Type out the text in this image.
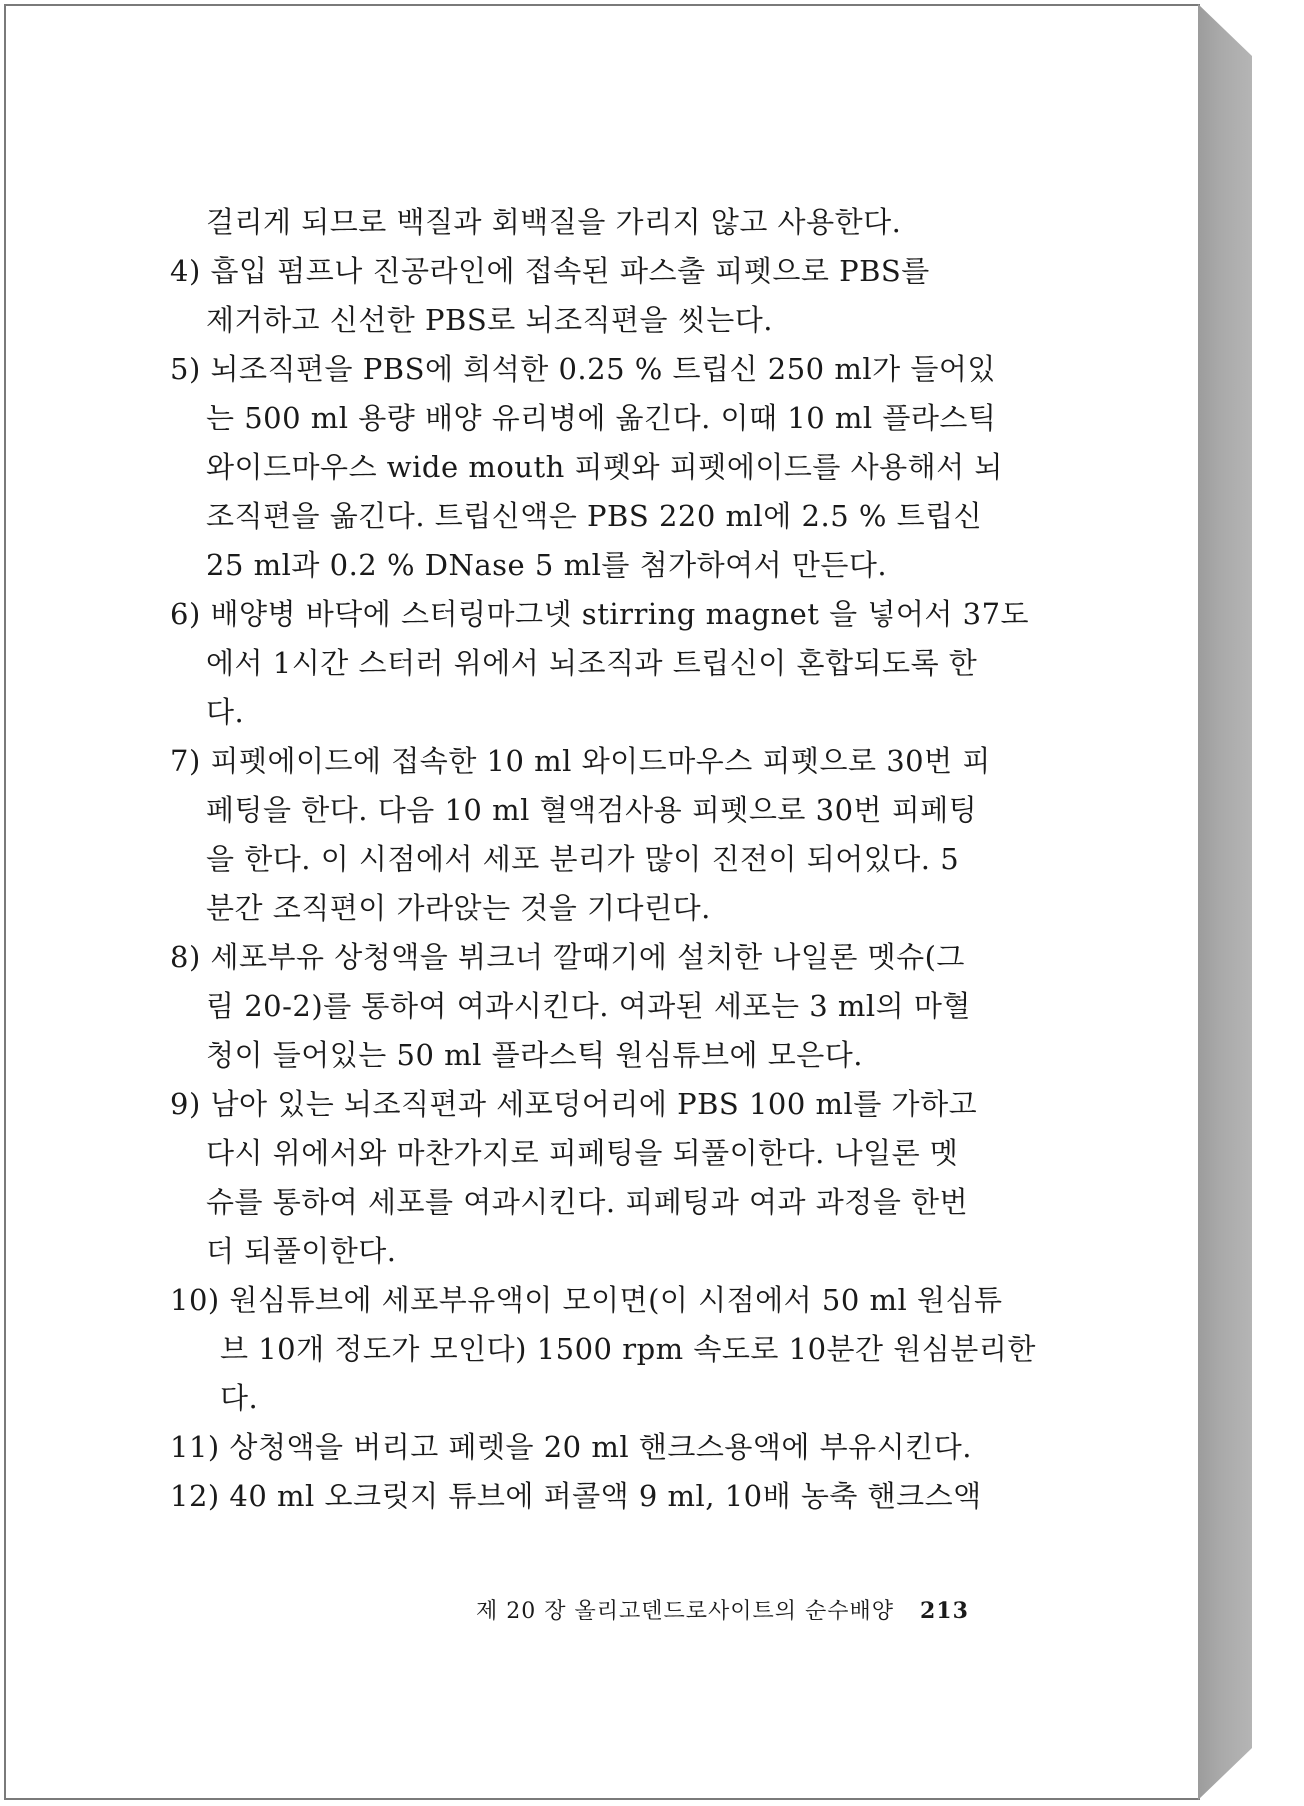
걸리게 되므로 백질과 회백질을 가리지 않고 사용한다.
4) 흡입 펌프나 진공라인에 접속된 파스출 피펫으로 PBS를
제거하고 신선한 PBS로 뇌조직편을 씻는다.
5) 뇌조직편을 PBS에 희석한 0.25 % 트립신 250 ml가 들어있
는 500 ml 용량 배양 유리병에 옮긴다. 이때 10 ml 플라스틱
와이드마우스 wide mouth 피펫와 피펫에이드를 사용해서 뇌
조직편을 옮긴다. 트립신액은 PBS 220 ml에 2.5 % 트립신
25 ml과 0.2 % DNase 5 ml를 첨가하여서 만든다.
6) 배양병 바닥에 스터링마그넷 stirring magnet 을 넣어서 37도
에서 1시간 스터러 위에서 뇌조직과 트립신이 혼합되도록 한
다.
7) 피펫에이드에 접속한 10 ml 와이드마우스 피펫으로 30번 피
페팅을 한다. 다음 10 ml 혈액검사용 피펫으로 30번 피페팅
을 한다. 이 시점에서 세포 분리가 많이 진전이 되어있다. 5
분간 조직편이 가라앉는 것을 기다린다.
8) 세포부유 상청액을 뷔크너 깔때기에 설치한 나일론 멧슈(그
림 20-2)를 통하여 여과시킨다. 여과된 세포는 3 ml의 마혈
청이 들어있는 50 ml 플라스틱 원심튜브에 모은다.
9) 남아 있는 뇌조직편과 세포덩어리에 PBS 100 ml를 가하고
다시 위에서와 마찬가지로 피페팅을 되풀이한다. 나일론 멧
슈를 통하여 세포를 여과시킨다. 피페팅과 여과 과정을 한번
더 되풀이한다.
10) 원심튜브에 세포부유액이 모이면(이 시점에서 50 ml 원심튜
브 10개 정도가 모인다) 1500 rpm 속도로 10분간 원심분리한
다.
11) 상청액을 버리고 페렛을 20 ml 핸크스용액에 부유시킨다.
12) 40 ml 오크릿지 튜브에 퍼콜액 9 ml, 10배 농축 핸크스액
제 20 장 올리고덴드로사이트의 순수배양 213
